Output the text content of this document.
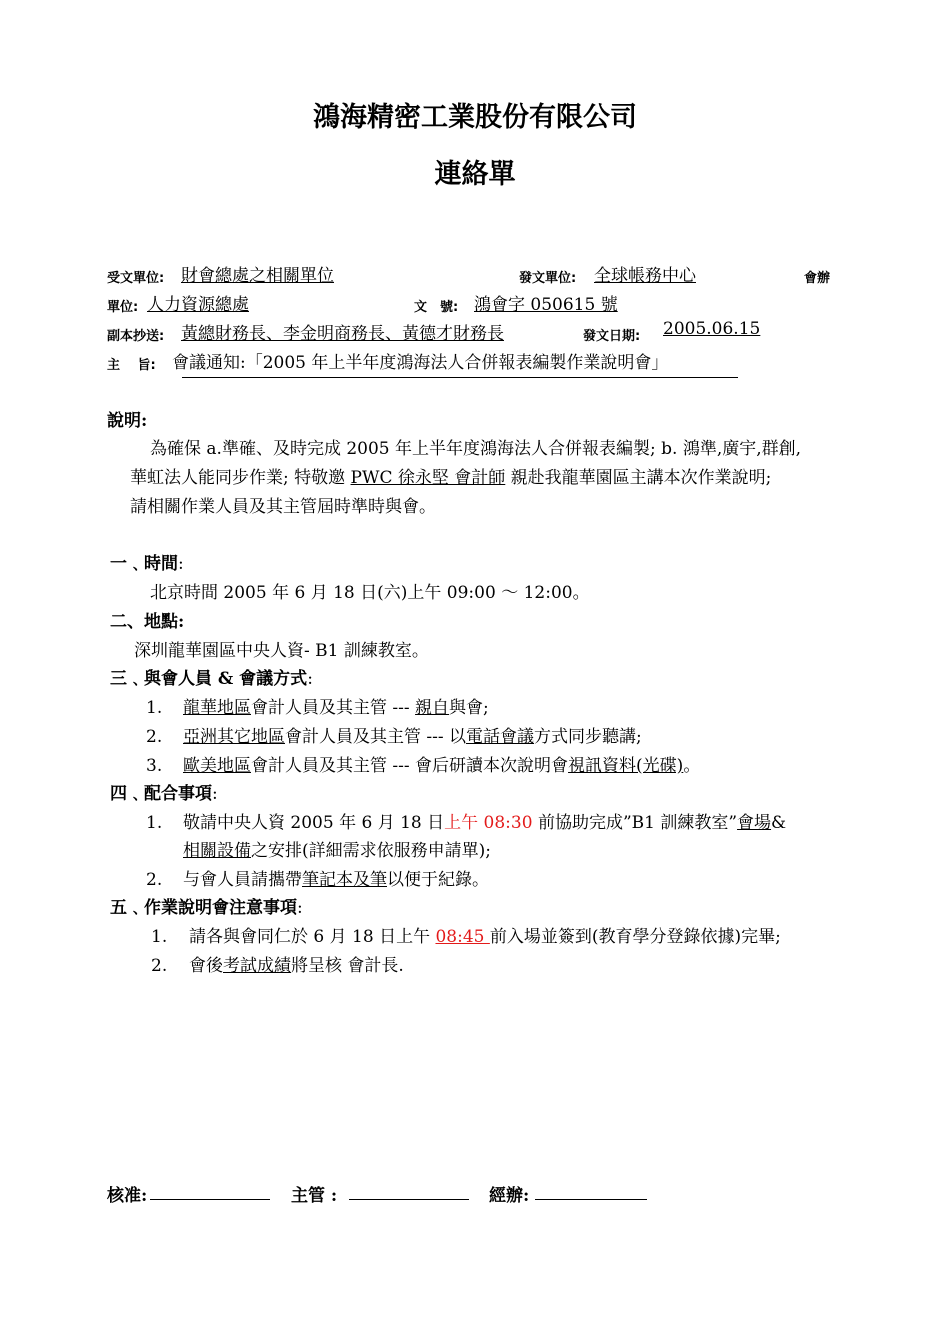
鴻海精密工業股份有限公司
連絡單
受文單位: 財會總處之相關單位	發文單位: 全球帳務中心	會辦
單位: 人力資源總處	文　號: 鴻會字 050615 號
副本抄送: 黃總財務長、李金明商務長、黃德才財務長	發文日期:	2005.06.15
主　 旨: 會議通知:「2005 年上半年度鴻海法人合併報表編製作業說明會」
說明:
為確保 a.準確、及時完成 2005 年上半年度鴻海法人合併報表編製; b. 鴻準,廣宇,群創,
華虹法人能同步作業; 特敬邀 PWC 徐永堅 會計師 親赴我龍華園區主講本次作業說明;
請相關作業人員及其主管屆時準時與會。
一﹑時間:
北京時間 2005 年 6 月 18 日(六)上午 09:00 ～ 12:00。
二、地點:
深圳龍華園區中央人資- B1 訓練教室。
三﹑與會人員 & 會議方式:
1. 龍華地區會計人員及其主管 --- 親自與會;
2. 亞洲其它地區會計人員及其主管 --- 以電話會議方式同步聽講;
3. 歐美地區會計人員及其主管 --- 會后研讀本次說明會視訊資料(光碟)。
四﹑配合事項:
1. 敬請中央人資 2005 年 6 月 18 日上午 08:30 前協助完成”B1 訓練教室”會場&
相關設備之安排(詳細需求依服務申請單);
2. 与會人員請攜帶筆記本及筆以便于紀錄。
五﹑作業說明會注意事項:
1. 請各與會同仁於 6 月 18 日上午 08:45 前入場並簽到(教育學分登錄依據)完畢;
2. 會後考試成績將呈核 會計長.
核准:	主管 :	經辦:
